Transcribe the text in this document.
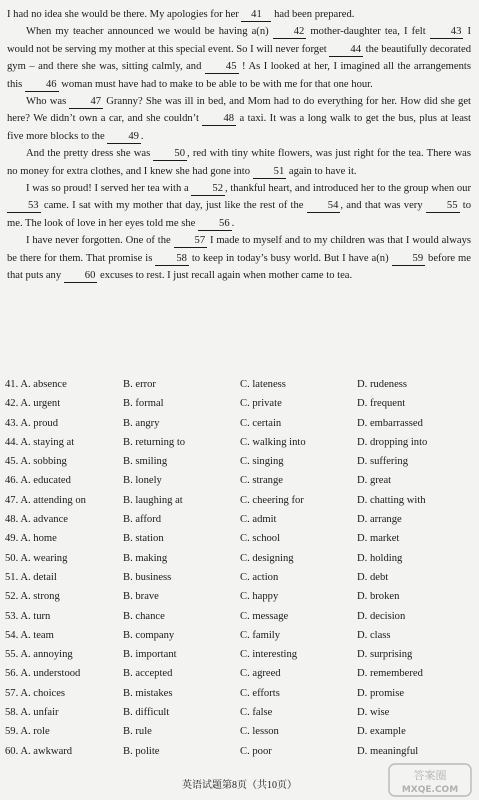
I had no idea she would be there. My apologies for her 41 had been prepared.

When my teacher announced we would be having a(n) 42 mother-daughter tea, I felt 43 I would not be serving my mother at this special event. So I will never forget 44 the beautifully decorated gym – and there she was, sitting calmly, and 45 ! As I looked at her, I imagined all the arrangements this 46 woman must have had to make to be able to be with me for that one hour.

Who was 47 Granny? She was ill in bed, and Mom had to do everything for her. How did she get here? We didn’t own a car, and she couldn’t 48 a taxi. It was a long walk to get the bus, plus at least five more blocks to the 49 .

And the pretty dress she was 50 , red with tiny white flowers, was just right for the tea. There was no money for extra clothes, and I knew she had gone into 51 again to have it.

I was so proud! I served her tea with a 52 , thankful heart, and introduced her to the group when our 53 came. I sat with my mother that day, just like the rest of the 54 , and that was very 55 to me. The look of love in her eyes told me she 56 .

I have never forgotten. One of the 57 I made to myself and to my children was that I would always be there for them. That promise is 58 to keep in today’s busy world. But I have a(n) 59 before me that puts any 60 excuses to rest. I just recall again when mother came to tea.

41. A. absence	B. error	C. lateness	D. rudeness
42. A. urgent	B. formal	C. private	D. frequent
43. A. proud	B. angry	C. certain	D. embarrassed
44. A. staying at	B. returning to	C. walking into	D. dropping into
45. A. sobbing	B. smiling	C. singing	D. suffering
46. A. educated	B. lonely	C. strange	D. great
47. A. attending on	B. laughing at	C. cheering for	D. chatting with
48. A. advance	B. afford	C. admit	D. arrange
49. A. home	B. station	C. school	D. market
50. A. wearing	B. making	C. designing	D. holding
51. A. detail	B. business	C. action	D. debt
52. A. strong	B. brave	C. happy	D. broken
53. A. turn	B. chance	C. message	D. decision
54. A. team	B. company	C. family	D. class
55. A. annoying	B. important	C. interesting	D. surprising
56. A. understood	B. accepted	C. agreed	D. remembered
57. A. choices	B. mistakes	C. efforts	D. promise
58. A. unfair	B. difficult	C. false	D. wise
59. A. role	B. rule	C. lesson	D. example
60. A. awkward	B. polite	C. poor	D. meaningful
英语试题第8页（共10页）
答案圈
MXQE.COM
